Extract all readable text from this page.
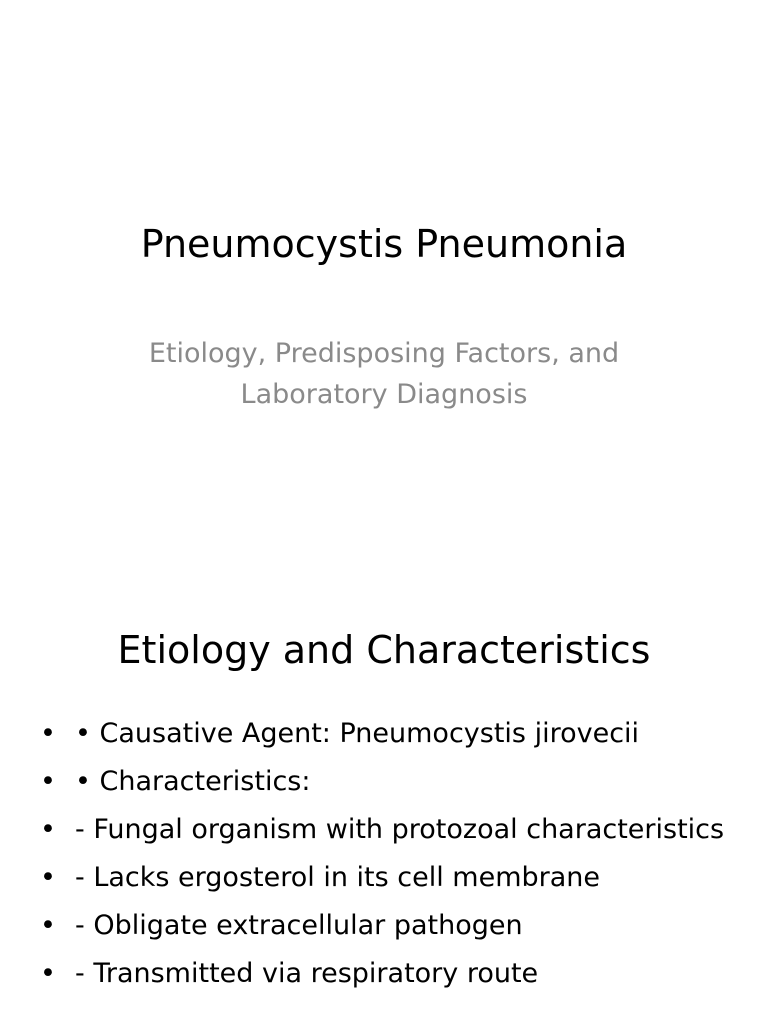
Pneumocystis Pneumonia

Etiology, Predisposing Factors, and Laboratory Diagnosis

Etiology and Characteristics
• • Causative Agent: Pneumocystis jirovecii
• • Characteristics:
• - Fungal organism with protozoal characteristics
• - Lacks ergosterol in its cell membrane
• - Obligate extracellular pathogen
• - Transmitted via respiratory route
